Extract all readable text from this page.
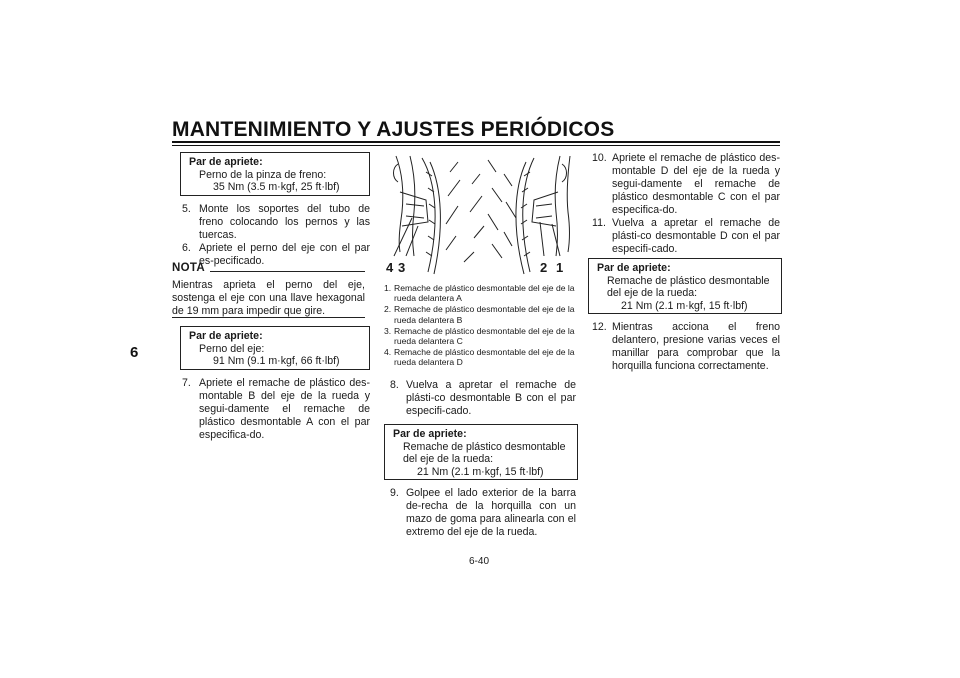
MANTENIMIENTO Y AJUSTES PERIÓDICOS
6
Par de apriete:
Perno de la pinza de freno:
35 Nm (3.5 m·kgf, 25 ft·lbf)
5. Monte los soportes del tubo de freno colocando los pernos y las tuercas.
6. Apriete el perno del eje con el par es-pecificado.
NOTA
Mientras aprieta el perno del eje, sostenga el eje con una llave hexagonal de 19 mm para impedir que gire.
Par de apriete:
Perno del eje:
91 Nm (9.1 m·kgf, 66 ft·lbf)
7. Apriete el remache de plástico des-montable B del eje de la rueda y segui-damente el remache de plástico desmontable A con el par especifica-do.
4 3	2 1
1. Remache de plástico desmontable del eje de la rueda delantera A
2. Remache de plástico desmontable del eje de la rueda delantera B
3. Remache de plástico desmontable del eje de la rueda delantera C
4. Remache de plástico desmontable del eje de la rueda delantera D
8. Vuelva a apretar el remache de plásti-co desmontable B con el par especifi-cado.
Par de apriete:
Remache de plástico desmontable
del eje de la rueda:
21 Nm (2.1 m·kgf, 15 ft·lbf)
9. Golpee el lado exterior de la barra de-recha de la horquilla con un mazo de goma para alinearla con el extremo del eje de la rueda.
10. Apriete el remache de plástico des-montable D del eje de la rueda y segui-damente el remache de plástico desmontable C con el par especifica-do.
11. Vuelva a apretar el remache de plásti-co desmontable D con el par especifi-cado.
Par de apriete:
Remache de plástico desmontable
del eje de la rueda:
21 Nm (2.1 m·kgf, 15 ft·lbf)
12. Mientras acciona el freno delantero, presione varias veces el manillar para comprobar que la horquilla funciona correctamente.
6-40
